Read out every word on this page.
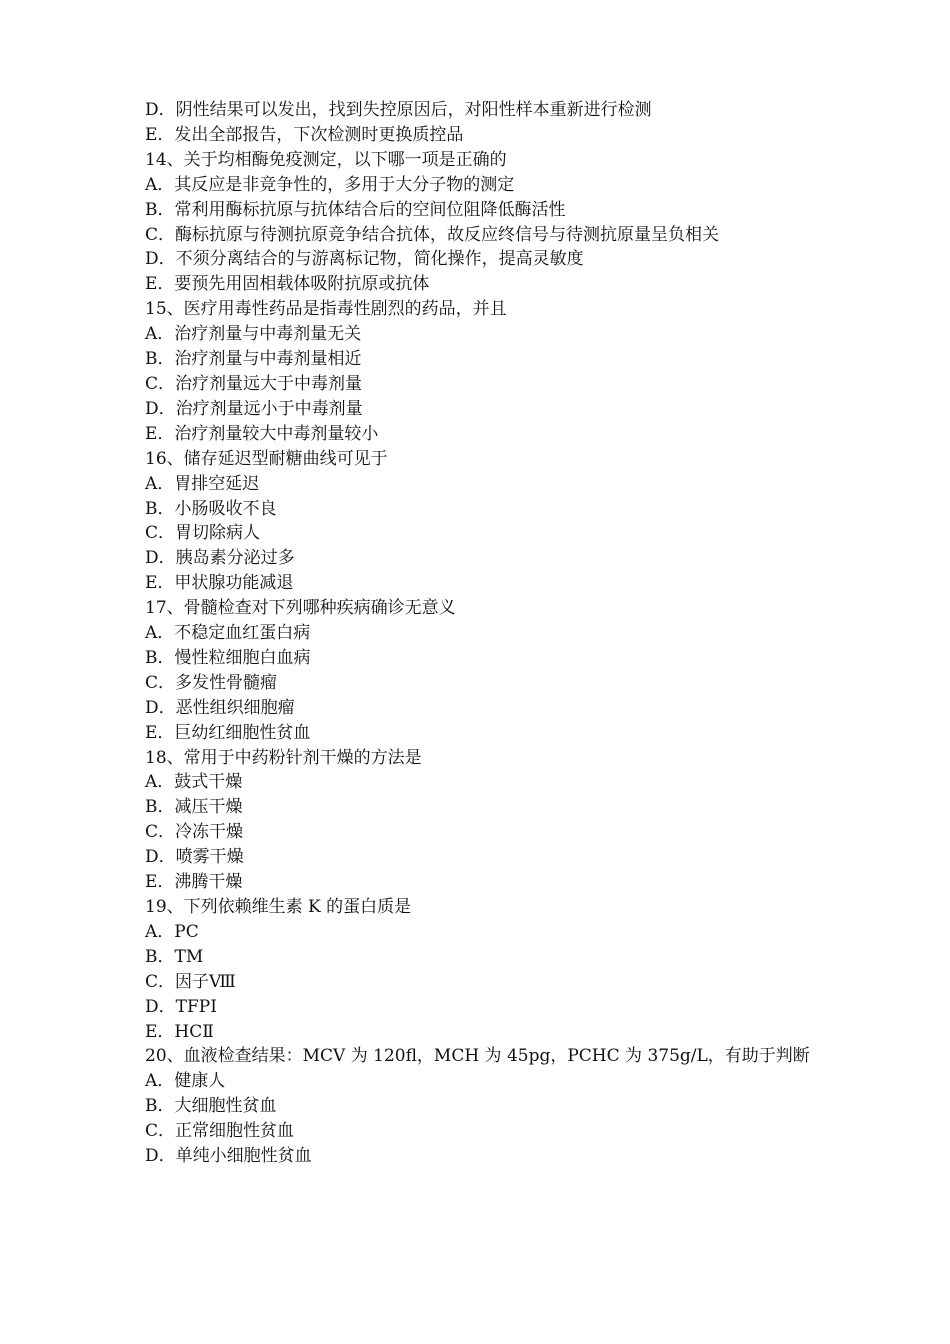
D．阴性结果可以发出，找到失控原因后，对阳性样本重新进行检测
E．发出全部报告，下次检测时更换质控品
14、关于均相酶免疫测定，以下哪一项是正确的
A．其反应是非竞争性的，多用于大分子物的测定
B．常利用酶标抗原与抗体结合后的空间位阻降低酶活性
C．酶标抗原与待测抗原竞争结合抗体，故反应终信号与待测抗原量呈负相关
D．不须分离结合的与游离标记物，简化操作，提高灵敏度
E．要预先用固相载体吸附抗原或抗体
15、医疗用毒性药品是指毒性剧烈的药品，并且
A．治疗剂量与中毒剂量无关
B．治疗剂量与中毒剂量相近
C．治疗剂量远大于中毒剂量
D．治疗剂量远小于中毒剂量
E．治疗剂量较大中毒剂量较小
16、储存延迟型耐糖曲线可见于
A．胃排空延迟
B．小肠吸收不良
C．胃切除病人
D．胰岛素分泌过多
E．甲状腺功能减退
17、骨髓检查对下列哪种疾病确诊无意义
A．不稳定血红蛋白病
B．慢性粒细胞白血病
C．多发性骨髓瘤
D．恶性组织细胞瘤
E．巨幼红细胞性贫血
18、常用于中药粉针剂干燥的方法是
A．鼓式干燥
B．减压干燥
C．冷冻干燥
D．喷雾干燥
E．沸腾干燥
19、下列依赖维生素 K 的蛋白质是
A．PC
B．TM
C．因子Ⅷ
D．TFPI
E．HCⅡ
20、血液检查结果：MCV 为 120fl，MCH 为 45pg，PCHC 为 375g/L，有助于判断
A．健康人
B．大细胞性贫血
C．正常细胞性贫血
D．单纯小细胞性贫血
